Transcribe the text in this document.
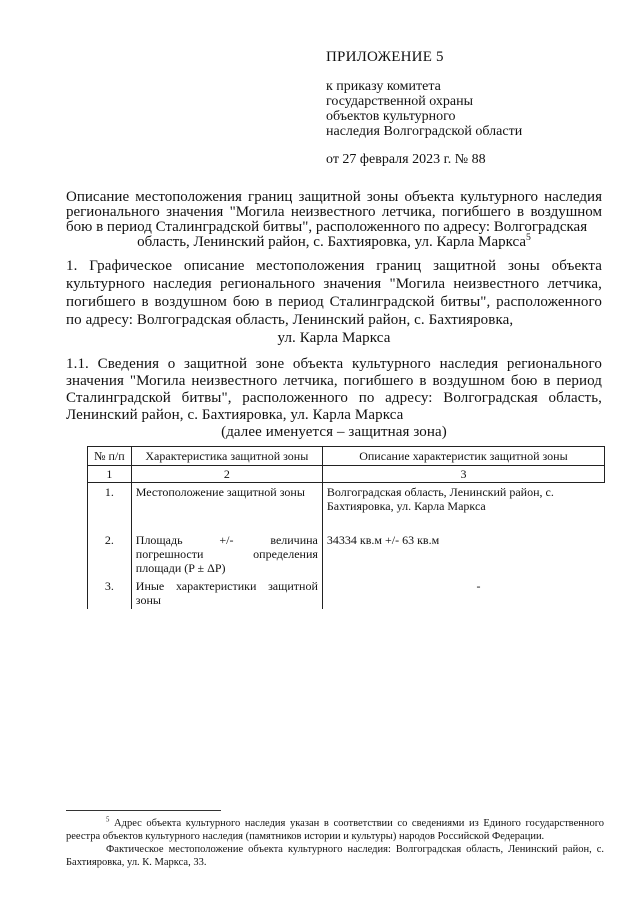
ПРИЛОЖЕНИЕ 5
к приказу комитета
государственной охраны
объектов культурного
наследия Волгоградской области
от 27 февраля 2023 г. № 88
Описание местоположения границ защитной зоны объекта культурного наследия регионального значения "Могила неизвестного летчика, погибшего в воздушном бою в период Сталинградской битвы", расположенного по адресу: Волгоградская
область, Ленинский район, с. Бахтияровка, ул. Карла Маркса$^5$
1. Графическое описание местоположения границ защитной зоны объекта культурного наследия регионального значения "Могила неизвестного летчика, погибшего в воздушном бою в период Сталинградской битвы", расположенного по адресу: Волгоградская область, Ленинский район, с. Бахтияровка,
ул. Карла Маркса
1.1. Сведения о защитной зоне объекта культурного наследия регионального значения "Могила неизвестного летчика, погибшего в воздушном бою в период Сталинградской битвы", расположенного по адресу: Волгоградская область, Ленинский район, с. Бахтияровка, ул. Карла Маркса
(далее именуется – защитная зона)
№ п/п	Характеристика защитной зоны	Описание характеристик защитной зоны
1	2	3
1.	Местоположение защитной зоны	Волгоградская область, Ленинский район, с. Бахтияровка, ул. Карла Маркса
2.	Площадь +/- величина погрешности определения площади (P ± ΔP)	34334 кв.м +/- 63 кв.м
3.	Иные характеристики защитной зоны	-

$^5$ Адрес объекта культурного наследия указан в соответствии со сведениями из Единого государственного реестра объектов культурного наследия (памятников истории и культуры) народов Российской Федерации.

Фактическое местоположение объекта культурного наследия: Волгоградская область, Ленинский район, с. Бахтияровка, ул. К. Маркса, 33.
